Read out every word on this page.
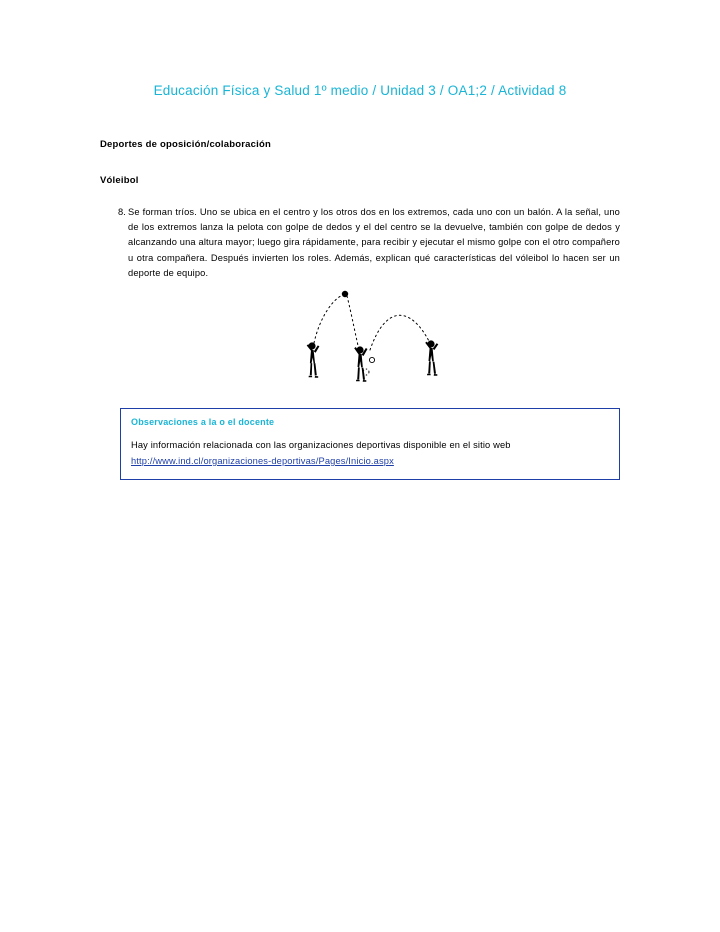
Educación Física y Salud 1º medio / Unidad 3 / OA1;2 / Actividad 8
Deportes de oposición/colaboración
Vóleibol
8. Se forman tríos. Uno se ubica en el centro y los otros dos en los extremos, cada uno con un balón. A la señal, uno de los extremos lanza la pelota con golpe de dedos y el del centro se la devuelve, también con golpe de dedos y alcanzando una altura mayor; luego gira rápidamente, para recibir y ejecutar el mismo golpe con el otro compañero u otra compañera. Después invierten los roles. Además, explican qué características del vóleibol lo hacen ser un deporte de equipo.
Observaciones a la o el docente
Hay información relacionada con las organizaciones deportivas disponible en el sitio web
http://www.ind.cl/organizaciones-deportivas/Pages/Inicio.aspx
